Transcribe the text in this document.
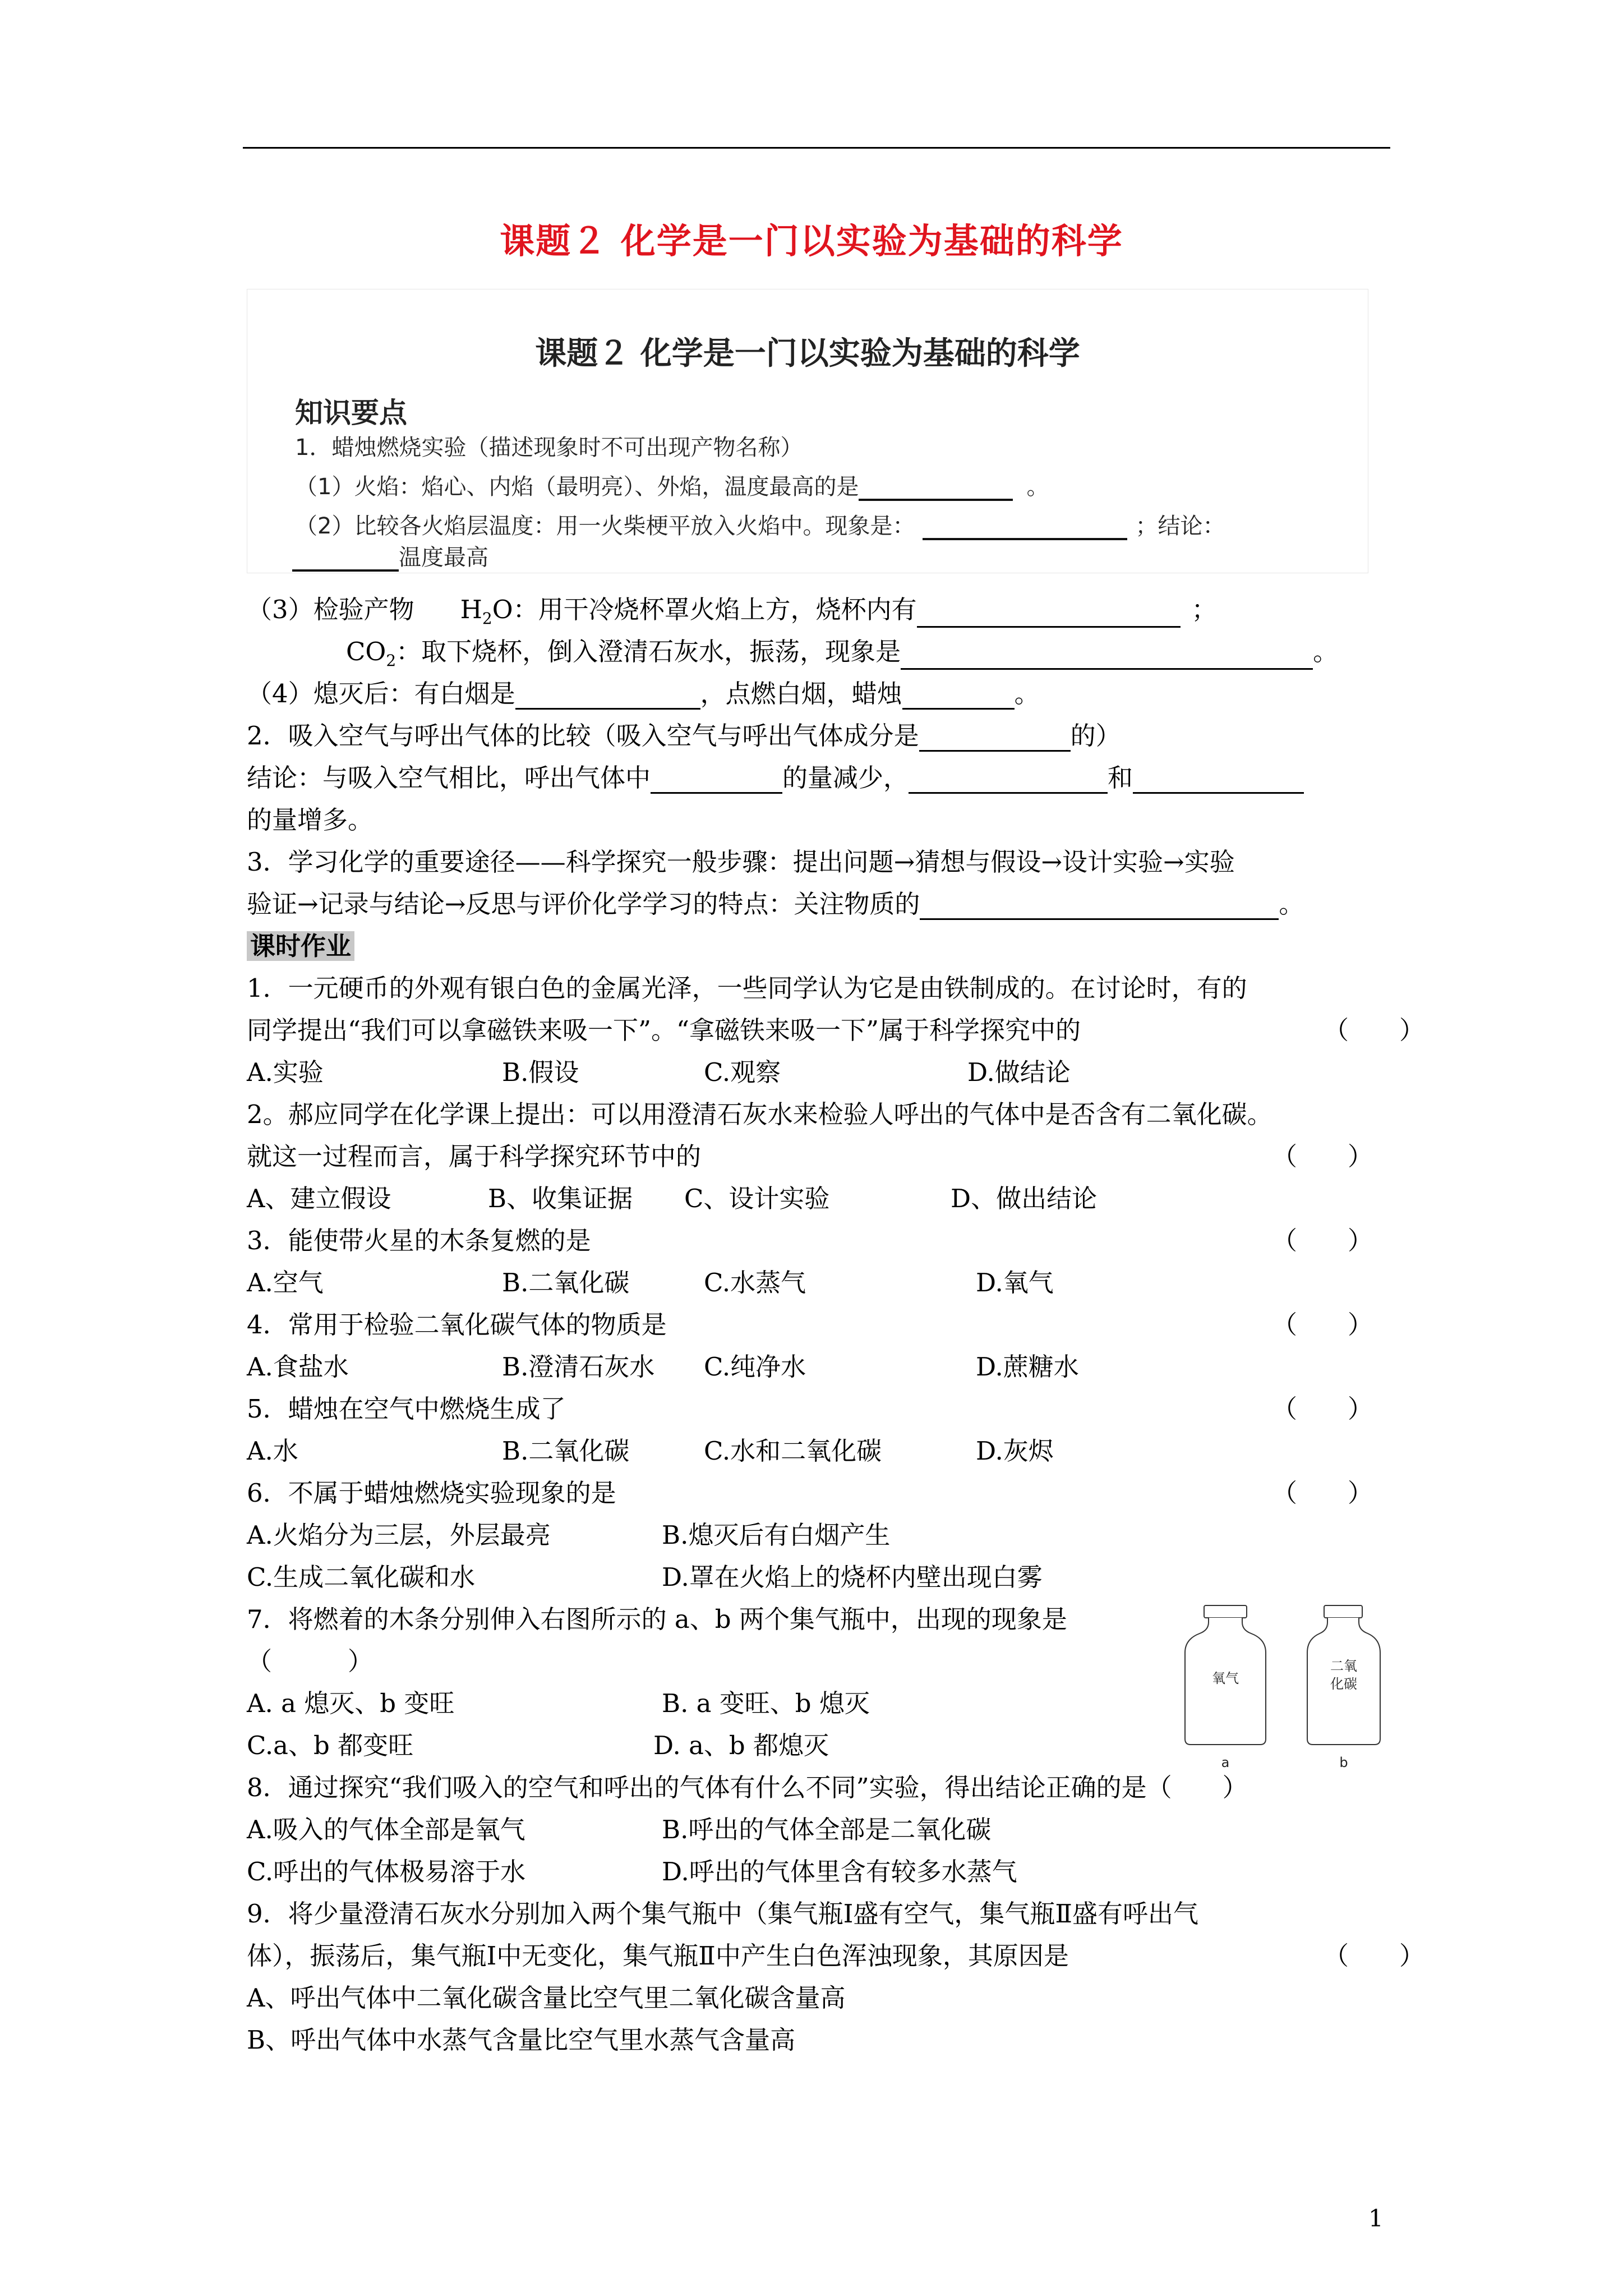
课题２ 化学是一门以实验为基础的科学
课题２ 化学是一门以实验为基础的科学
知识要点
1．蜡烛燃烧实验（描述现象时不可出现产物名称）
（1）火焰：焰心、内焰（最明亮）、外焰，温度最高的是	。
（2）比较各火焰层温度：用一火柴梗平放入火焰中。现象是：	；结论：
温度最高
（3）检验产物 $H_2O$：用干冷烧杯罩火焰上方，烧杯内有	；
$CO_2$：取下烧杯，倒入澄清石灰水，振荡，现象是	。
（4）熄灭后：有白烟是	，点燃白烟，蜡烛	。
2．吸入空气与呼出气体的比较（吸入空气与呼出气体成分是	的）
结论：与吸入空气相比，呼出气体中	的量减少，	和
的量增多。
3．学习化学的重要途径——科学探究一般步骤：提出问题→猜想与假设→设计实验→实验
验证→记录与结论→反思与评价化学学习的特点：关注物质的	。
课时作业
1．一元硬币的外观有银白色的金属光泽，一些同学认为它是由铁制成的。在讨论时，有的
同学提出“我们可以拿磁铁来吸一下”。“拿磁铁来吸一下”属于科学探究中的	（　　）
A.实验	B.假设	C.观察	D.做结论
2。郝应同学在化学课上提出：可以用澄清石灰水来检验人呼出的气体中是否含有二氧化碳。
就这一过程而言，属于科学探究环节中的	（　　）
A、建立假设	B、收集证据 C、设计实验	D、做出结论
3．能使带火星的木条复燃的是	（　　）
A.空气	B.二氧化碳	C.水蒸气	D.氧气
4．常用于检验二氧化碳气体的物质是	（　　）
A.食盐水	B.澄清石灰水 C.纯净水	D.蔗糖水
5．蜡烛在空气中燃烧生成了	（　　）
A.水	B.二氧化碳	C.水和二氧化碳	D.灰烬
6．不属于蜡烛燃烧实验现象的是	（　　）
A.火焰分为三层，外层最亮	B.熄灭后有白烟产生
C.生成二氧化碳和水	D.罩在火焰上的烧杯内壁出现白雾
7．将燃着的木条分别伸入右图所示的 a、b 两个集气瓶中，出现的现象是
（　　　）
A. a 熄灭、b 变旺	B. a 变旺、b 熄灭
C.a、b 都变旺	D. a、b 都熄灭
氧气
二氧
化碳
a	b
8．通过探究“我们吸入的空气和呼出的气体有什么不同”实验，得出结论正确的是（　　）
A.吸入的气体全部是氧气	B.呼出的气体全部是二氧化碳
C.呼出的气体极易溶于水	D.呼出的气体里含有较多水蒸气
9．将少量澄清石灰水分别加入两个集气瓶中（集气瓶Ⅰ盛有空气，集气瓶Ⅱ盛有呼出气
体），振荡后，集气瓶Ⅰ中无变化，集气瓶Ⅱ中产生白色浑浊现象，其原因是	（　　）
A、呼出气体中二氧化碳含量比空气里二氧化碳含量高
B、呼出气体中水蒸气含量比空气里水蒸气含量高
1
